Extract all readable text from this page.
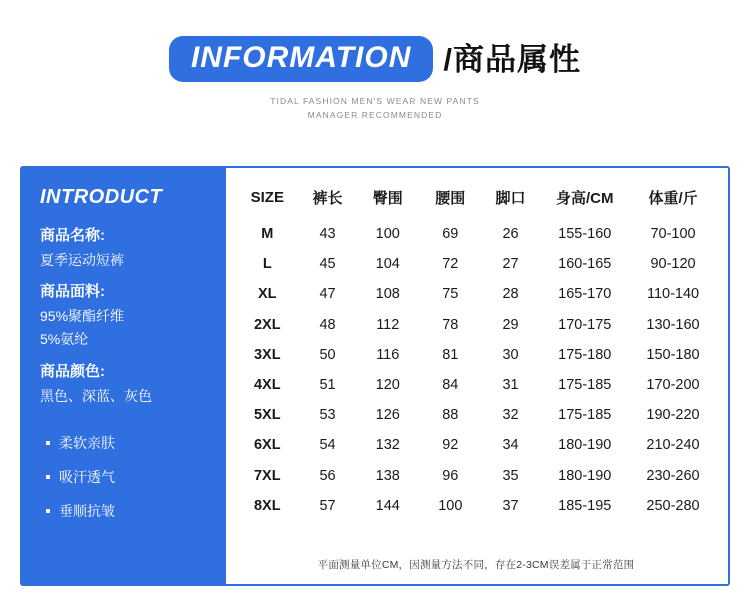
INFORMATION	/商品属性
TIDAL FASHION MEN'S WEAR NEW PANTS
MANAGER RECOMMENDED
INTRODUCT
商品名称:
夏季运动短裤
商品面料:
95%聚酯纤维
5%氨纶
商品颜色:
黑色、深蓝、灰色
柔软亲肤
吸汗透气
垂顺抗皱
SIZE	裤长	臀围	腰围	脚口	身高/CM	体重/斤
M	43	100	69	26	155-160	70-100
L	45	104	72	27	160-165	90-120
XL	47	108	75	28	165-170	110-140
2XL	48	112	78	29	170-175	130-160
3XL	50	116	81	30	175-180	150-180
4XL	51	120	84	31	175-185	170-200
5XL	53	126	88	32	175-185	190-220
6XL	54	132	92	34	180-190	210-240
7XL	56	138	96	35	180-190	230-260
8XL	57	144	100	37	185-195	250-280
平面测量单位CM，因测量方法不同，存在2-3CM误差属于正常范围
